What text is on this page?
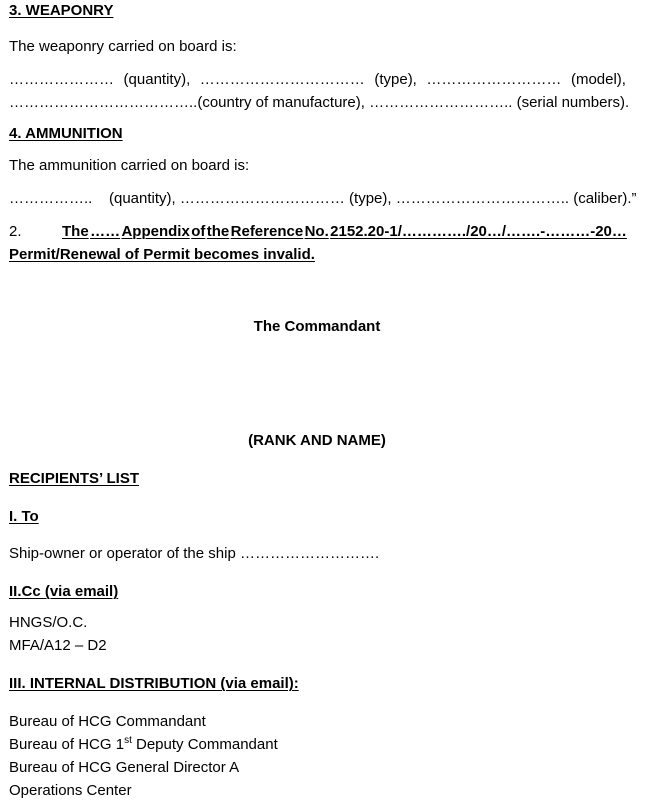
3. WEAPONRY
The weaponry carried on board is:
………………… (quantity), …………………………… (type), ……………………… (model),
………………………………..(country of manufacture), ……………………….. (serial numbers).
4. AMMUNITION
The ammunition carried on board is:
……………..    (quantity), …………………………… (type), …………………………….. (caliber).”
2.	The …… Appendix of the Reference No. 2152.20-1/…………./20…/…….-………-20…
Permit/Renewal of Permit becomes invalid.
The Commandant
(RANK AND NAME)
RECIPIENTS’ LIST
I. To
Ship-owner or operator of the ship ……………………….
II.Cc (via email)
HNGS/O.C.
MFA/A12 – D2
III. INTERNAL DISTRIBUTION (via email):
Bureau of HCG Commandant
Bureau of HCG 1st Deputy Commandant
Bureau of HCG General Director A
Operations Center
